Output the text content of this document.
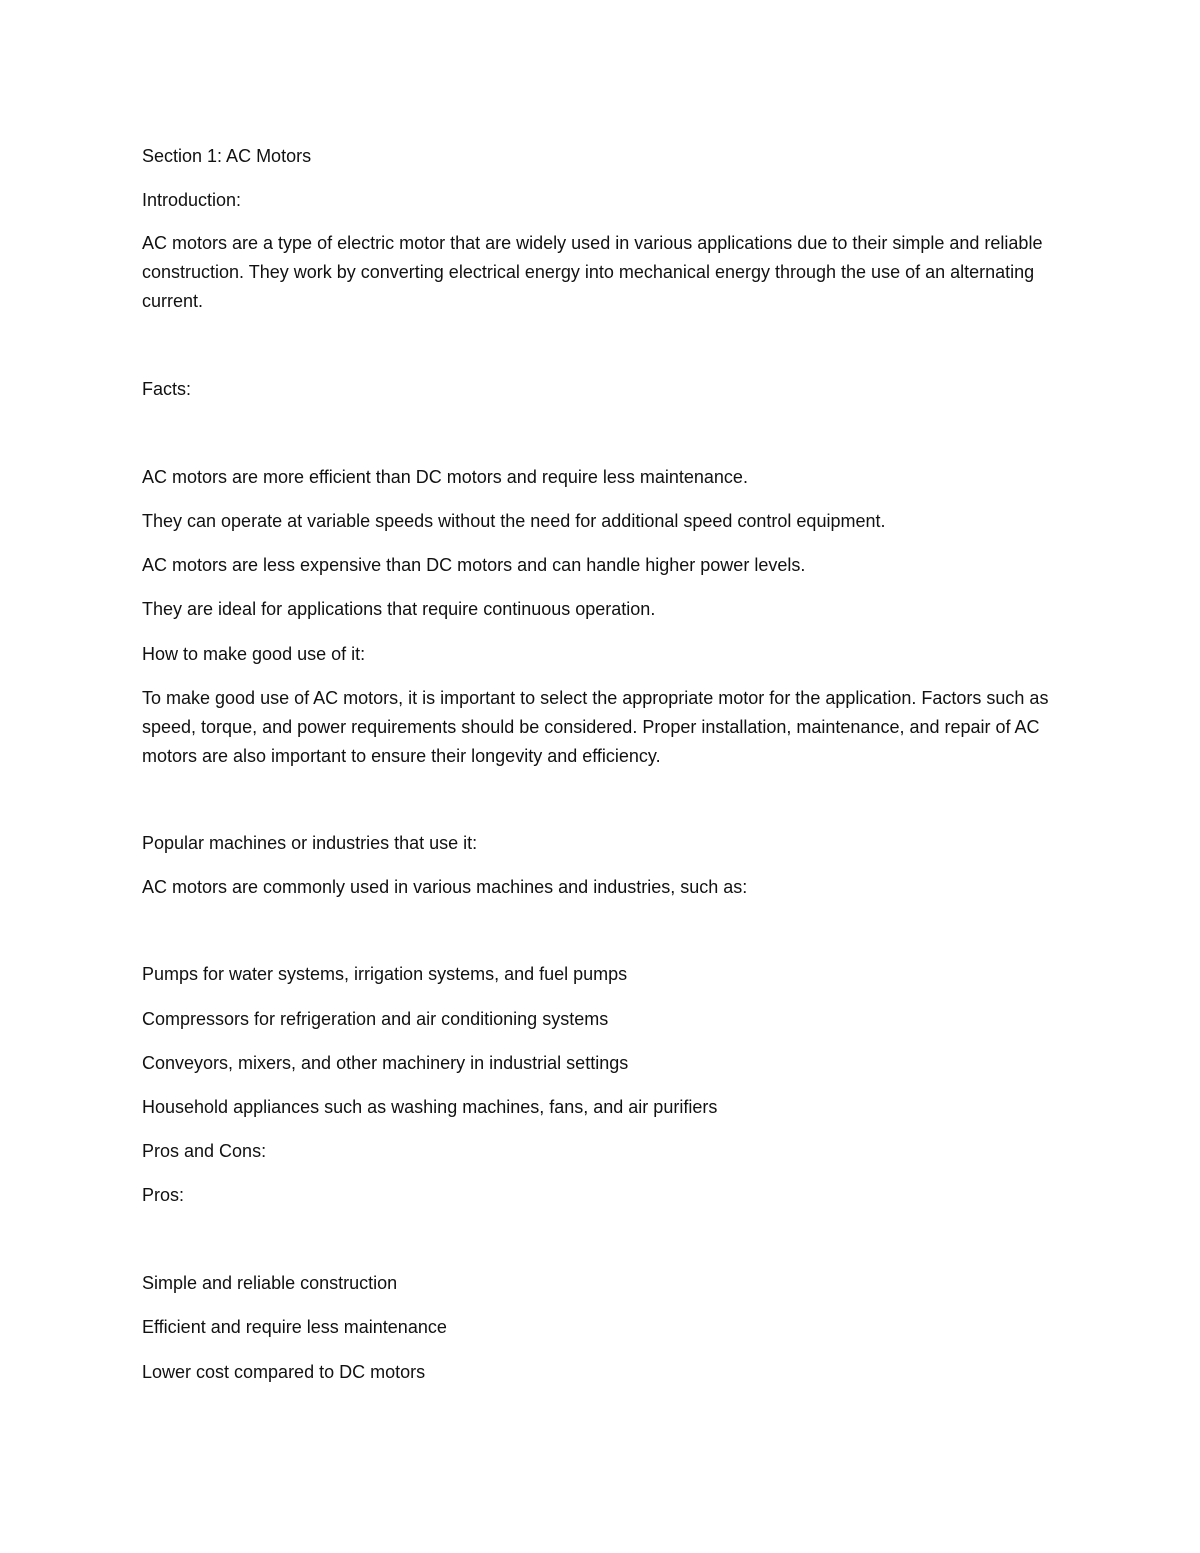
Section 1: AC Motors
Introduction:
AC motors are a type of electric motor that are widely used in various applications due to their simple and reliable construction. They work by converting electrical energy into mechanical energy through the use of an alternating current.
Facts:
AC motors are more efficient than DC motors and require less maintenance.
They can operate at variable speeds without the need for additional speed control equipment.
AC motors are less expensive than DC motors and can handle higher power levels.
They are ideal for applications that require continuous operation.
How to make good use of it:
To make good use of AC motors, it is important to select the appropriate motor for the application. Factors such as speed, torque, and power requirements should be considered. Proper installation, maintenance, and repair of AC motors are also important to ensure their longevity and efficiency.
Popular machines or industries that use it:
AC motors are commonly used in various machines and industries, such as:
Pumps for water systems, irrigation systems, and fuel pumps
Compressors for refrigeration and air conditioning systems
Conveyors, mixers, and other machinery in industrial settings
Household appliances such as washing machines, fans, and air purifiers
Pros and Cons:
Pros:
Simple and reliable construction
Efficient and require less maintenance
Lower cost compared to DC motors
